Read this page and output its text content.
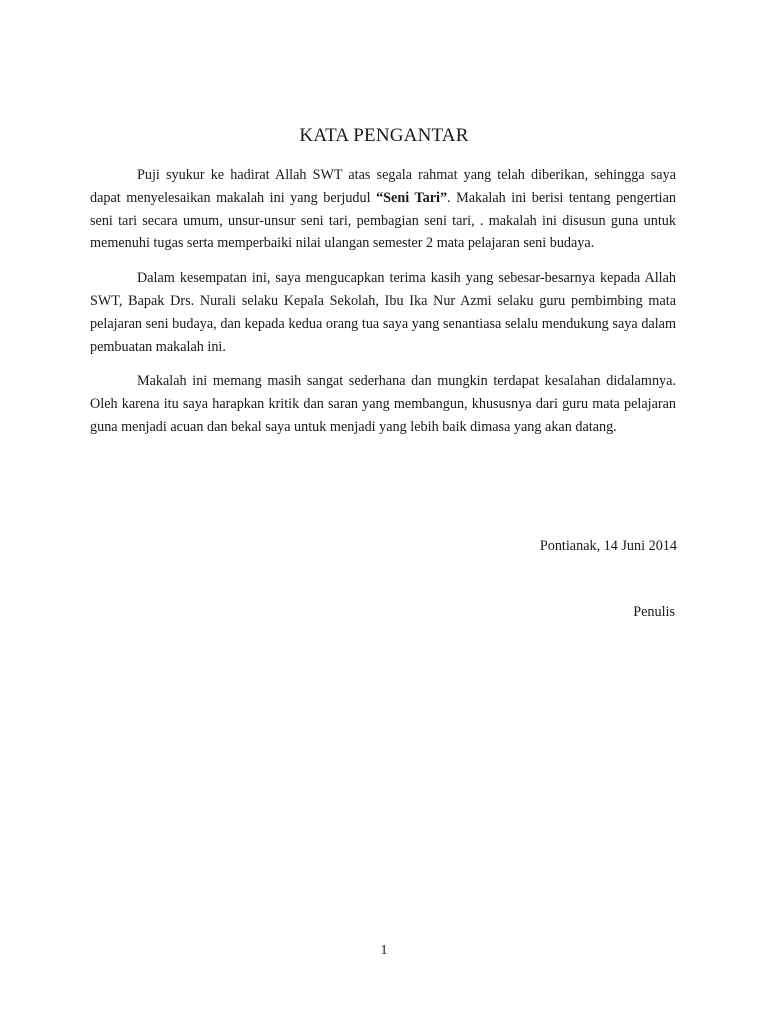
KATA PENGANTAR

Puji syukur ke hadirat Allah SWT atas segala rahmat yang telah diberikan, sehingga saya dapat menyelesaikan makalah ini yang berjudul “Seni Tari”. Makalah ini berisi tentang pengertian seni tari secara umum, unsur-unsur seni tari, pembagian seni tari, . makalah ini disusun guna untuk memenuhi tugas serta memperbaiki nilai ulangan semester 2 mata pelajaran seni budaya.

Dalam kesempatan ini, saya mengucapkan terima kasih yang sebesar-besarnya kepada Allah SWT, Bapak Drs. Nurali selaku Kepala Sekolah, Ibu Ika Nur Azmi selaku guru pembimbing mata pelajaran seni budaya, dan kepada kedua orang tua saya yang senantiasa selalu mendukung saya dalam pembuatan makalah ini.

Makalah ini memang masih sangat sederhana dan mungkin terdapat kesalahan didalamnya. Oleh karena itu saya harapkan kritik dan saran yang membangun, khususnya dari guru mata pelajaran guna menjadi acuan dan bekal saya untuk menjadi yang lebih baik dimasa yang akan datang.

Pontianak, 14 Juni 2014

Penulis

1
